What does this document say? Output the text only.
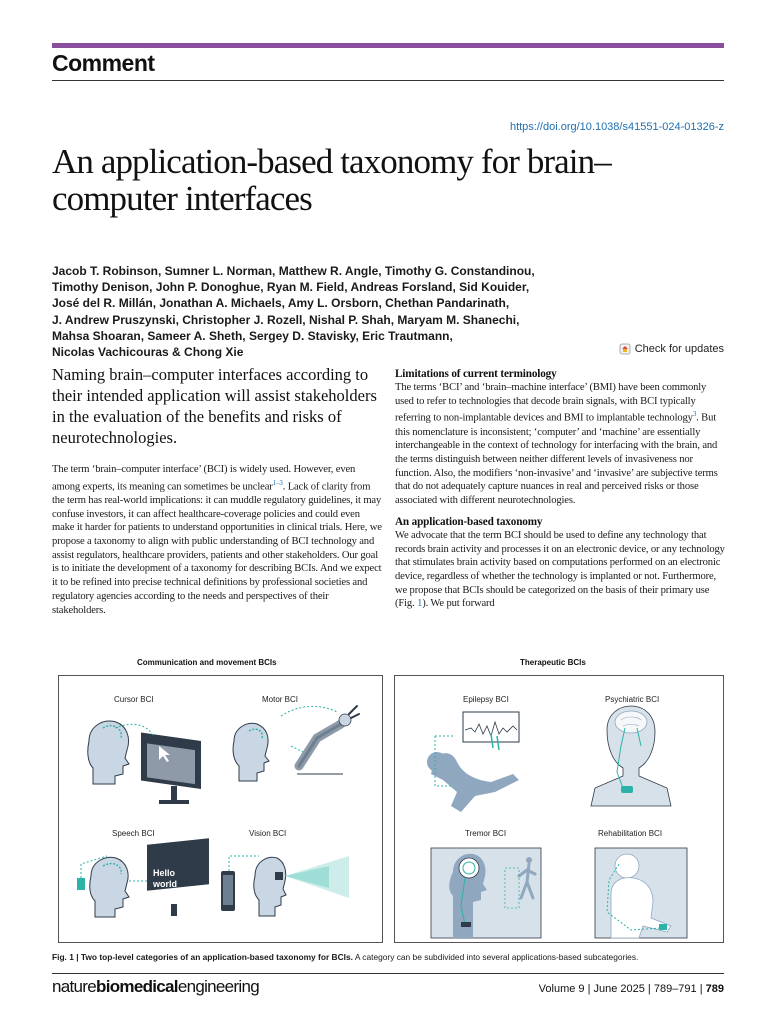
Comment
https://doi.org/10.1038/s41551-024-01326-z
An application-based taxonomy for brain–computer interfaces
Jacob T. Robinson, Sumner L. Norman, Matthew R. Angle, Timothy G. Constandinou,
Timothy Denison, John P. Donoghue, Ryan M. Field, Andreas Forsland, Sid Kouider,
José del R. Millán, Jonathan A. Michaels, Amy L. Orsborn, Chethan Pandarinath,
J. Andrew Pruszynski, Christopher J. Rozell, Nishal P. Shah, Maryam M. Shanechi,
Mahsa Shoaran, Sameer A. Sheth, Sergey D. Stavisky, Eric Trautmann,
Nicolas Vachicouras & Chong Xie	Check for updates

Naming brain–computer interfaces according to their intended application will assist stakeholders in the evaluation of the benefits and risks of neurotechnologies.

The term ‘brain–computer interface’ (BCI) is widely used. However, even among experts, its meaning can sometimes be unclear$^{1-3}$. Lack of clarity from the term has real-world implications: it can muddle regulatory guidelines, it may confuse investors, it can affect healthcare-coverage policies and could even make it harder for patients to understand opportunities in clinical trials. Here, we propose a taxonomy to align with public understanding of BCI technology and assist regulators, healthcare providers, patients and other stakeholders. Our goal is to initiate the development of a taxonomy for describing BCIs. And we expect it to be refined into precise technical definitions by professional societies and regulatory agencies according to the needs and perspectives of their stakeholders.

Limitations of current terminology

The terms ‘BCI’ and ‘brain–machine interface’ (BMI) have been commonly used to refer to technologies that decode brain signals, with BCI typically referring to non-implantable devices and BMI to implantable technology$^3$. But this nomenclature is inconsistent; ‘computer’ and ‘machine’ are essentially interchangeable in the context of technology for interfacing with the brain, and the terms distinguish between neither different levels of invasiveness nor function. Also, the modifiers ‘non-invasive’ and ‘invasive’ are subjective terms that do not adequately capture nuances in real and perceived risks or those associated with different neurotechnologies.

An application-based taxonomy

We advocate that the term BCI should be used to define any technology that records brain activity and processes it on an electronic device, or any technology that stimulates brain activity based on computations performed on an electronic device, regardless of whether the technology is implanted or not. Furthermore, we propose that BCIs should be categorized on the basis of their primary use (Fig. 1). We put forward

Communication and movement BCIs	Therapeutic BCIs
Cursor BCI	Motor BCI
Speech BCI	Vision BCI
Hello
world
Epilepsy BCI	Psychiatric BCI
Tremor BCI	Rehabilitation BCI
Fig. 1 | Two top-level categories of an application-based taxonomy for BCIs. A category can be subdivided into several applications-based subcategories.
naturebiomedicalengineering	Volume 9 | June 2025 | 789–791 | 789
